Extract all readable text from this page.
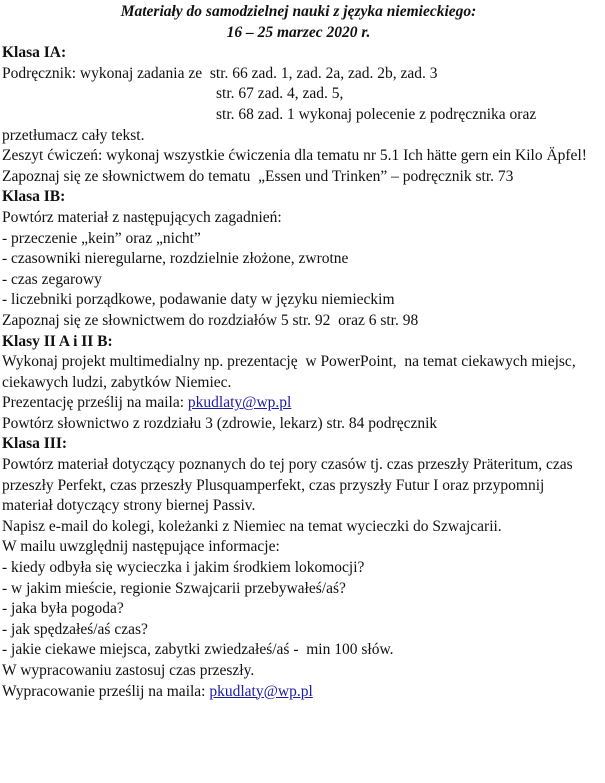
Materiały do samodzielnej nauki z języka niemieckiego:
16 – 25 marzec 2020 r.
Klasa IA:
Podręcznik: wykonaj zadania ze  str. 66 zad. 1, zad. 2a, zad. 2b, zad. 3
str. 67 zad. 4, zad. 5,
str. 68 zad. 1 wykonaj polecenie z podręcznika oraz
przetłumacz cały tekst.
Zeszyt ćwiczeń: wykonaj wszystkie ćwiczenia dla tematu nr 5.1 Ich hätte gern ein Kilo Äpfel!
Zapoznaj się ze słownictwem do tematu  „Essen und Trinken” – podręcznik str. 73
Klasa IB:
Powtórz materiał z następujących zagadnień:
- przeczenie „kein” oraz „nicht”
- czasowniki nieregularne, rozdzielnie złożone, zwrotne
- czas zegarowy
- liczebniki porządkowe, podawanie daty w języku niemieckim
Zapoznaj się ze słownictwem do rozdziałów 5 str. 92  oraz 6 str. 98
Klasy II A i II B:
Wykonaj projekt multimedialny np. prezentację  w PowerPoint,  na temat ciekawych miejsc,
ciekawych ludzi, zabytków Niemiec.
Prezentację prześlij na maila: pkudlaty@wp.pl
Powtórz słownictwo z rozdziału 3 (zdrowie, lekarz) str. 84 podręcznik
Klasa III:
Powtórz materiał dotyczący poznanych do tej pory czasów tj. czas przeszły Präteritum, czas
przeszły Perfekt, czas przeszły Plusquamperfekt, czas przyszły Futur I oraz przypomnij
materiał dotyczący strony biernej Passiv.
Napisz e-mail do kolegi, koleżanki z Niemiec na temat wycieczki do Szwajcarii.
W mailu uwzględnij następujące informacje:
- kiedy odbyła się wycieczka i jakim środkiem lokomocji?
- w jakim mieście, regionie Szwajcarii przebywałeś/aś?
- jaka była pogoda?
- jak spędzałeś/aś czas?
- jakie ciekawe miejsca, zabytki zwiedzałeś/aś -  min 100 słów.
W wypracowaniu zastosuj czas przeszły.
Wypracowanie prześlij na maila: pkudlaty@wp.pl
